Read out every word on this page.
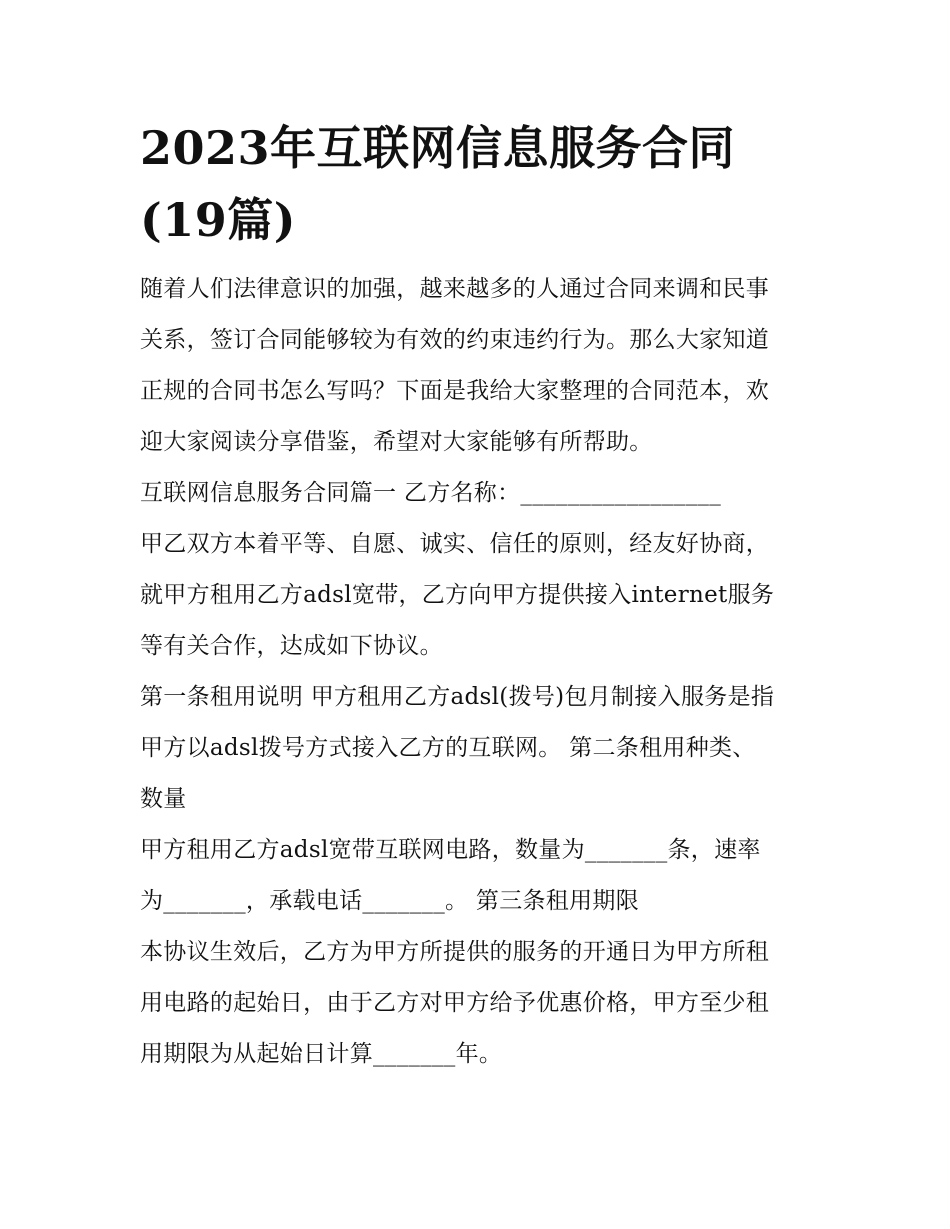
2023年互联网信息服务合同
(19篇)

随着人们法律意识的加强，越来越多的人通过合同来调和民事
关系，签订合同能够较为有效的约束违约行为。那么大家知道
正规的合同书怎么写吗？下面是我给大家整理的合同范本，欢
迎大家阅读分享借鉴，希望对大家能够有所帮助。

互联网信息服务合同篇一 乙方名称：_________________

甲乙双方本着平等、自愿、诚实、信任的原则，经友好协商，
就甲方租用乙方adsl宽带，乙方向甲方提供接入internet服务
等有关合作，达成如下协议。

第一条租用说明 甲方租用乙方adsl(拨号)包月制接入服务是指
甲方以adsl拨号方式接入乙方的互联网。 第二条租用种类、
数量

甲方租用乙方adsl宽带互联网电路，数量为_______条，速率
为_______，承载电话_______。 第三条租用期限

本协议生效后，乙方为甲方所提供的服务的开通日为甲方所租
用电路的起始日，由于乙方对甲方给予优惠价格，甲方至少租
用期限为从起始日计算_______年。
